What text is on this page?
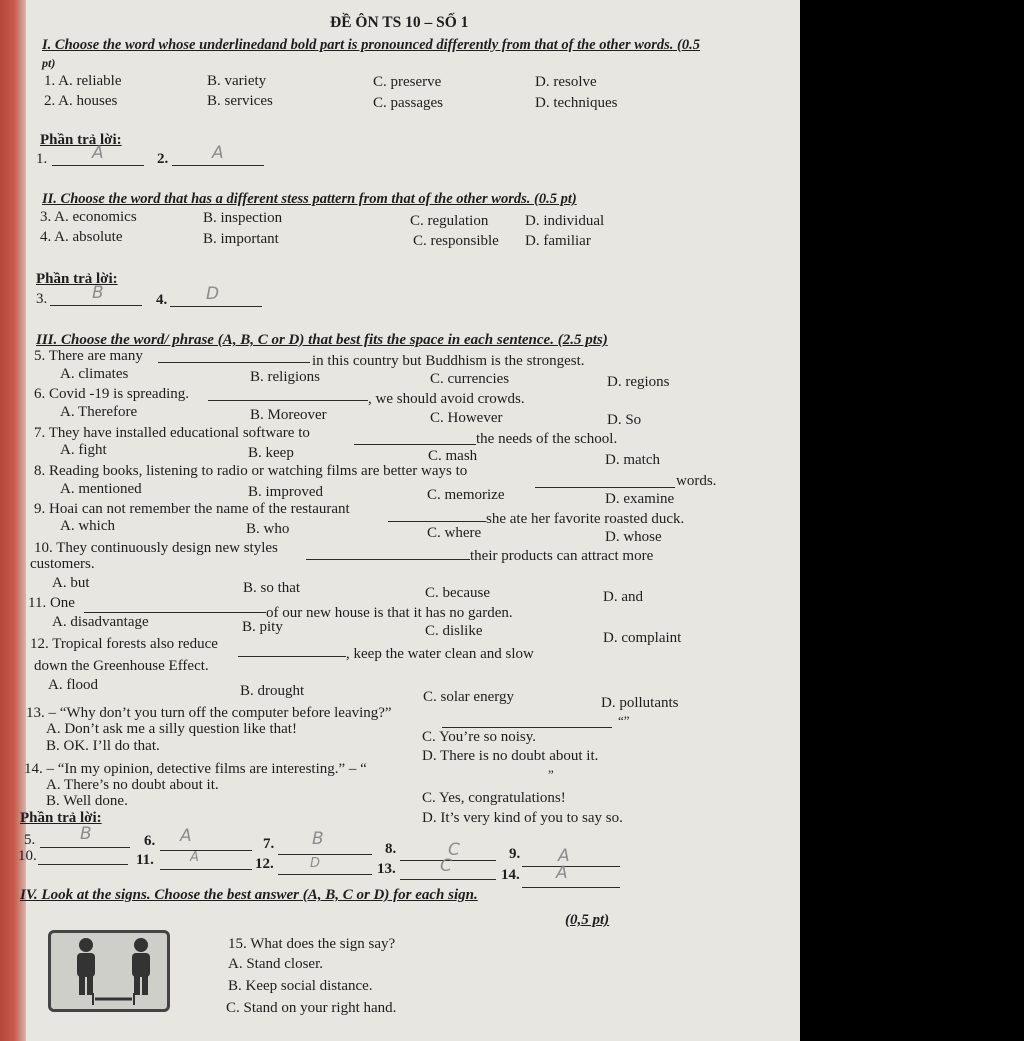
ĐỀ ÔN TS 10 – SỐ 1
I. Choose the word whose underlinedand bold part is pronounced differently from that of the other words. (0.5
pt)
1. A. reliable	B. variety	C. preserve	D. resolve
2. A. houses	B. services	C. passages	D. techniques
Phần trả lời:
1.	A	2.	A
II. Choose the word that has a different stess pattern from that of the other words. (0.5 pt)
3. A. economics	B. inspection	C. regulation D. individual
4. A. absolute	B. important	C. responsible D. familiar
Phần trả lời:
3.	B	4. D
III. Choose the word/ phrase (A, B, C or D) that best fits the space in each sentence. (2.5 pts)
5. There are many	in this country but Buddhism is the strongest.
A. climates	B. religions	C. currencies	D. regions
6. Covid -19 is spreading.	, we should avoid crowds.
A. Therefore	B. Moreover	C. However	D. So
7. They have installed educational software to	the needs of the school.
A. fight	B. keep	C. mash	D. match
8. Reading books, listening to radio or watching films are better ways to
words.
A. mentioned	B. improved	C. memorize	D. examine
9. Hoai can not remember the name of the restaurant
she ate her favorite roasted duck.
A. which	B. who	C. where	D. whose
10. They continuously design new styles	their products can attract more
customers.
A. but	B. so that	C. because	D. and
11. One
of our new house is that it has no garden.
A. disadvantage	B. pity	C. dislike	D. complaint
12. Tropical forests also reduce
, keep the water clean and slow
down the Greenhouse Effect.
A. flood	B. drought	C. solar energy	D. pollutants
13. – “Why don’t you turn off the computer before leaving?”	“”
A. Don’t ask me a silly question like that!	C. You’re so noisy.
B. OK. I’ll do that.
D. There is no doubt about it.
14. – “In my opinion, detective films are interesting.” – “	”
A. There’s no doubt about it.
C. Yes, congratulations!
B. Well done.
D. It’s very kind of you to say so.
Phần trả lời:
5.	B	6. A	7. B	8.	C	9. A
10.	11.	A	12.	D	13.	C	14. A
IV. Look at the signs. Choose the best answer (A, B, C or D) for each sign.
(0,5 pt)
15. What does the sign say?
A. Stand closer.
B. Keep social distance.
C. Stand on your right hand.
